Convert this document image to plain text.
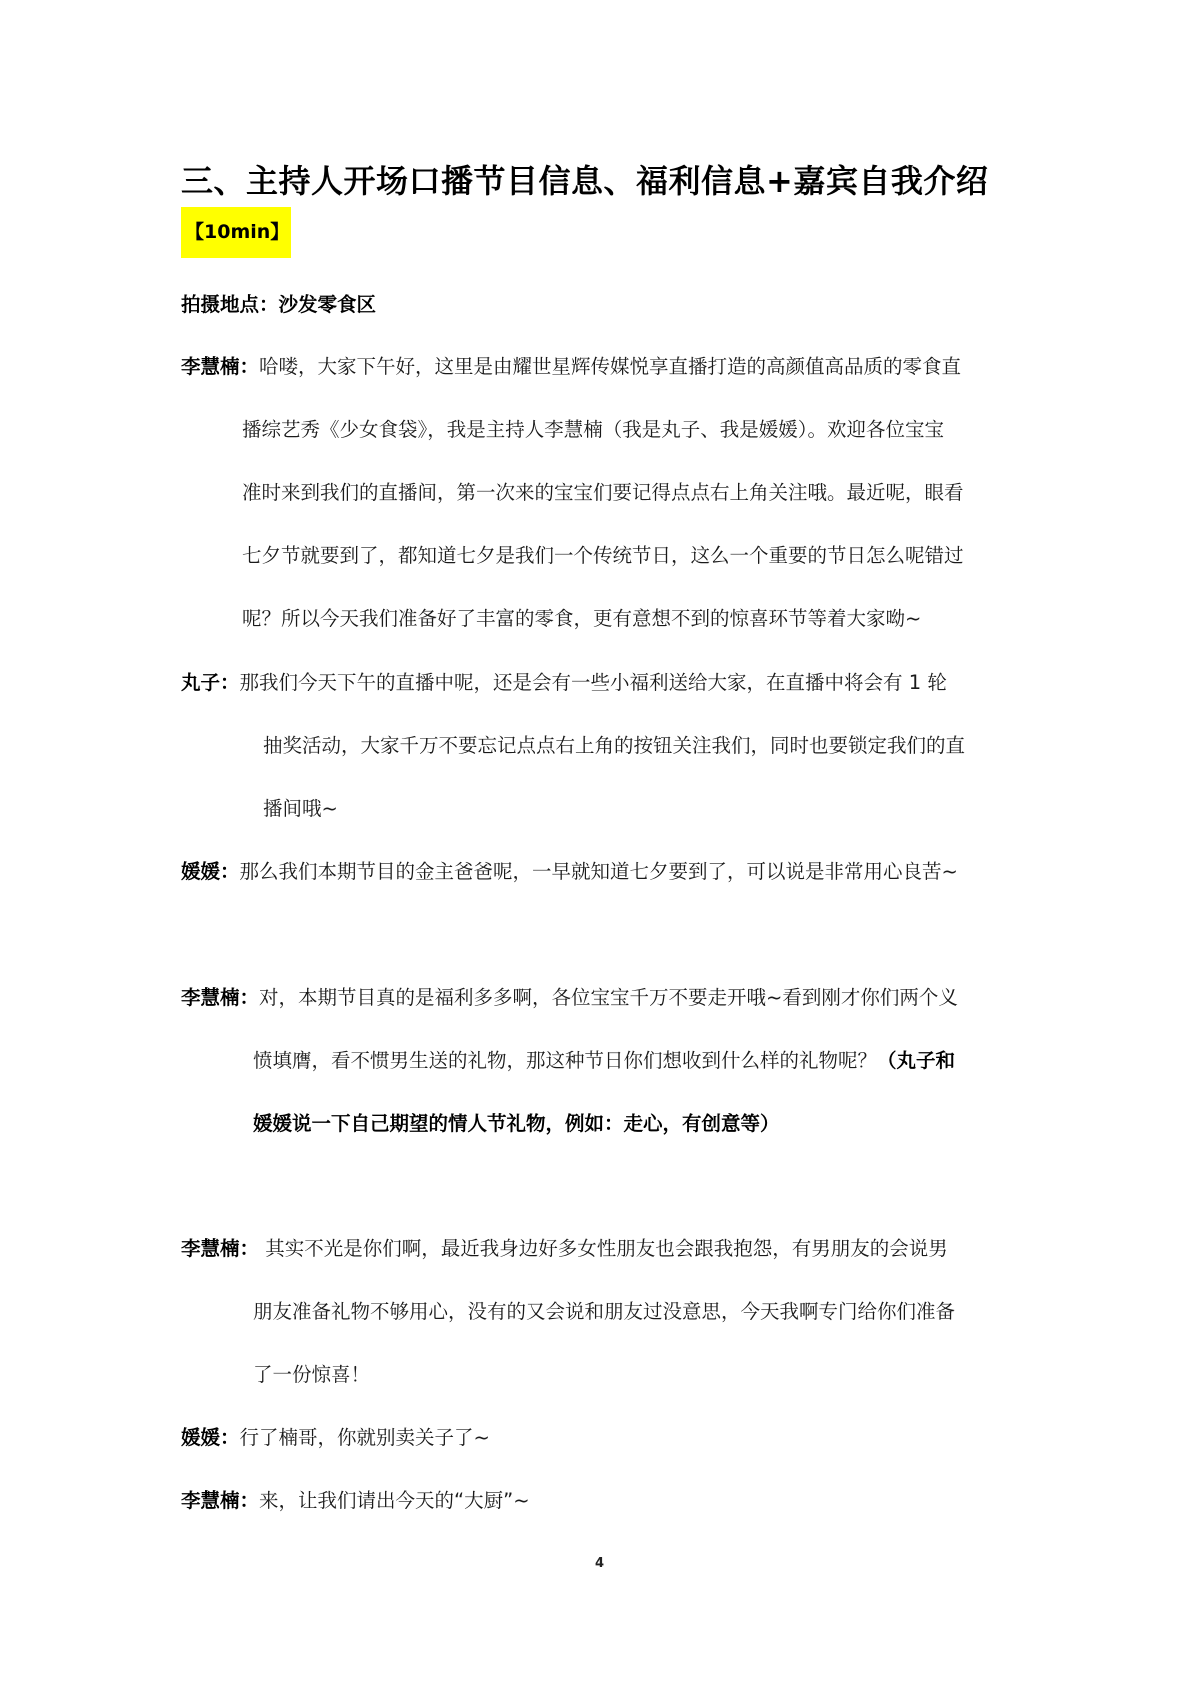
三、主持人开场口播节目信息、福利信息+嘉宾自我介绍
【10min】
拍摄地点：沙发零食区
李慧楠：哈喽，大家下午好，这里是由耀世星辉传媒悦享直播打造的高颜值高品质的零食直
播综艺秀《少女食袋》，我是主持人李慧楠（我是丸子、我是媛媛）。欢迎各位宝宝
准时来到我们的直播间，第一次来的宝宝们要记得点点右上角关注哦。最近呢，眼看
七夕节就要到了，都知道七夕是我们一个传统节日，这么一个重要的节日怎么呢错过
呢？所以今天我们准备好了丰富的零食，更有意想不到的惊喜环节等着大家呦~
丸子：那我们今天下午的直播中呢，还是会有一些小福利送给大家，在直播中将会有 1 轮
抽奖活动，大家千万不要忘记点点右上角的按钮关注我们，同时也要锁定我们的直
播间哦~
媛媛：那么我们本期节目的金主爸爸呢，一早就知道七夕要到了，可以说是非常用心良苦~
李慧楠：对，本期节目真的是福利多多啊，各位宝宝千万不要走开哦~看到刚才你们两个义
愤填膺，看不惯男生送的礼物，那这种节日你们想收到什么样的礼物呢？（丸子和
媛媛说一下自己期望的情人节礼物，例如：走心，有创意等）
李慧楠： 其实不光是你们啊，最近我身边好多女性朋友也会跟我抱怨，有男朋友的会说男
朋友准备礼物不够用心，没有的又会说和朋友过没意思，今天我啊专门给你们准备
了一份惊喜！
媛媛：行了楠哥，你就别卖关子了~
李慧楠：来，让我们请出今天的“大厨”~
4
